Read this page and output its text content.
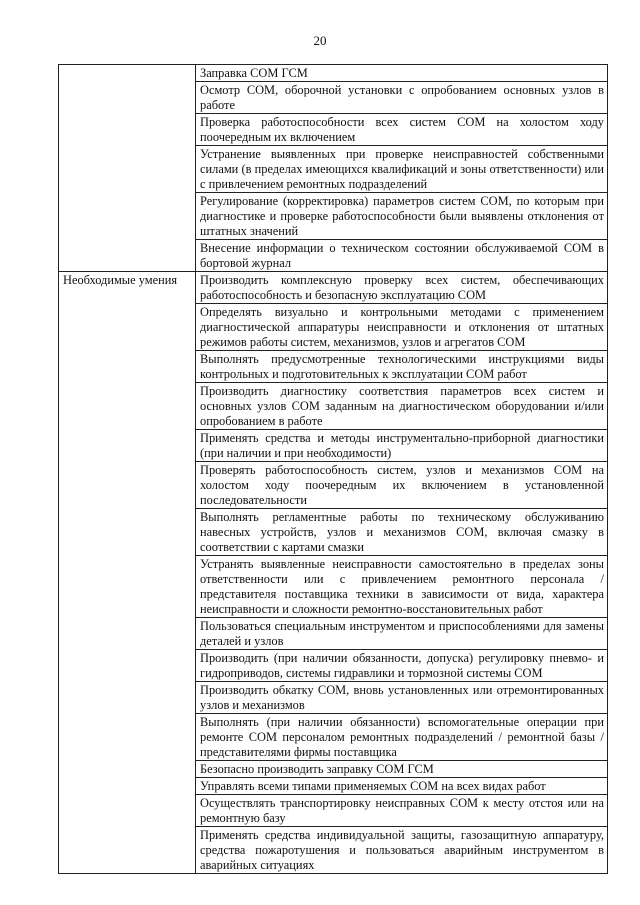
20
	Заправка СОМ ГСМ
	Осмотр СОМ, оборочной установки с опробованием основных узлов в работе
	Проверка работоспособности всех систем СОМ на холостом ходу поочередным их включением
	Устранение выявленных при проверке неисправностей собственными силами (в пределах имеющихся квалификаций и зоны ответственности) или с привлечением ремонтных подразделений
	Регулирование (корректировка) параметров систем СОМ, по которым при диагностике и проверке работоспособности были выявлены отклонения от штатных значений
	Внесение информации о техническом состоянии обслуживаемой СОМ в бортовой журнал
Необходимые умения	Производить комплексную проверку всех систем, обеспечивающих работоспособность и безопасную эксплуатацию СОМ
	Определять визуально и контрольными методами с применением диагностической аппаратуры неисправности и отклонения от штатных режимов работы систем, механизмов, узлов и агрегатов СОМ
	Выполнять предусмотренные технологическими инструкциями виды контрольных и подготовительных к эксплуатации СОМ работ
	Производить диагностику соответствия параметров всех систем и основных узлов СОМ заданным на диагностическом оборудовании и/или опробованием в работе
	Применять средства и методы инструментально-приборной диагностики (при наличии и при необходимости)
	Проверять работоспособность систем, узлов и механизмов СОМ на холостом ходу поочередным их включением в установленной последовательности
	Выполнять регламентные работы по техническому обслуживанию навесных устройств, узлов и механизмов СОМ, включая смазку в соответствии с картами смазки
	Устранять выявленные неисправности самостоятельно в пределах зоны ответственности или с привлечением ремонтного персонала / представителя поставщика техники в зависимости от вида, характера неисправности и сложности ремонтно-восстановительных работ
	Пользоваться специальным инструментом и приспособлениями для замены деталей и узлов
	Производить (при наличии обязанности, допуска) регулировку пневмо- и гидроприводов, системы гидравлики и тормозной системы СОМ
	Производить обкатку СОМ, вновь установленных или отремонтированных узлов и механизмов
	Выполнять (при наличии обязанности) вспомогательные операции при ремонте СОМ персоналом ремонтных подразделений / ремонтной базы / представителями фирмы поставщика
	Безопасно производить заправку СОМ ГСМ
	Управлять всеми типами применяемых СОМ на всех видах работ
	Осуществлять транспортировку неисправных СОМ к месту отстоя или на ремонтную базу
	Применять средства индивидуальной защиты, газозащитную аппаратуру, средства пожаротушения и пользоваться аварийным инструментом в аварийных ситуациях
